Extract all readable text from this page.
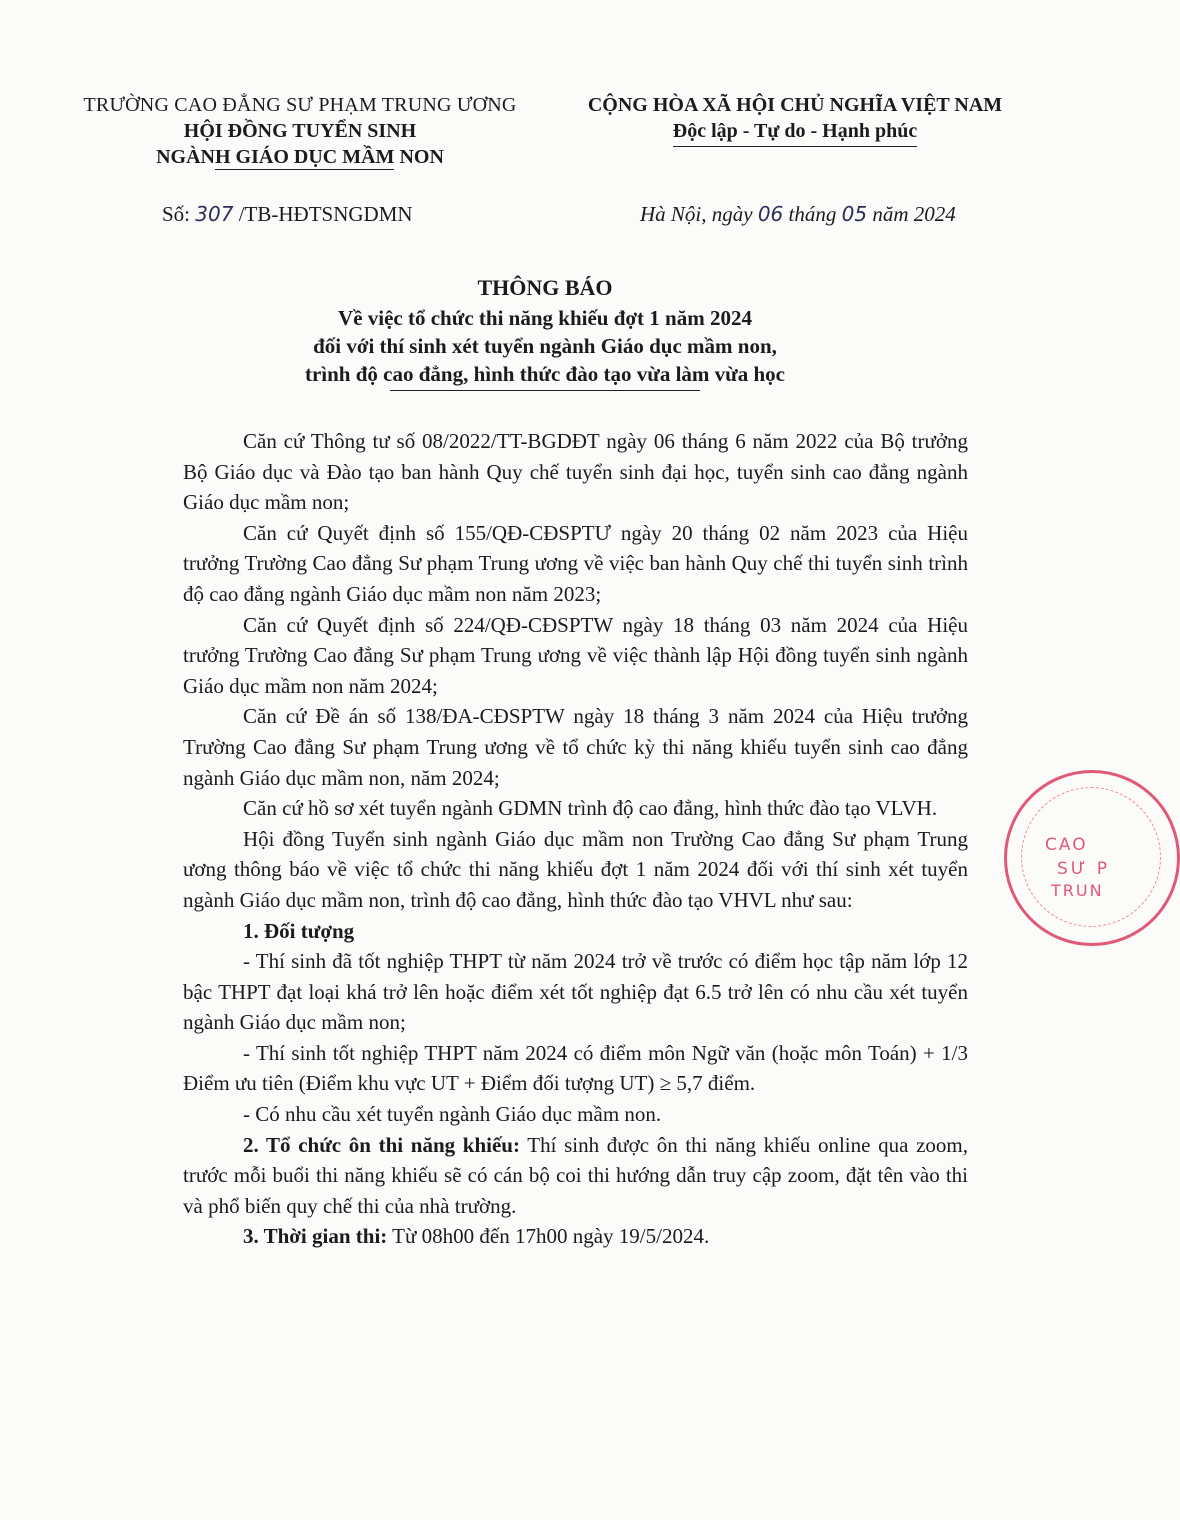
TRƯỜNG CAO ĐẲNG SƯ PHẠM TRUNG ƯƠNG
HỘI ĐỒNG TUYỂN SINH
NGÀNH GIÁO DỤC MẦM NON
CỘNG HÒA XÃ HỘI CHỦ NGHĨA VIỆT NAM
Độc lập - Tự do - Hạnh phúc
Số: 307 /TB-HĐTSNGDMN	Hà Nội, ngày 06 tháng 05 năm 2024
THÔNG BÁO
Về việc tổ chức thi năng khiếu đợt 1 năm 2024
đối với thí sinh xét tuyển ngành Giáo dục mầm non,
trình độ cao đẳng, hình thức đào tạo vừa làm vừa học

Căn cứ Thông tư số 08/2022/TT-BGDĐT ngày 06 tháng 6 năm 2022 của Bộ trưởng Bộ Giáo dục và Đào tạo ban hành Quy chế tuyển sinh đại học, tuyển sinh cao đẳng ngành Giáo dục mầm non;

Căn cứ Quyết định số 155/QĐ-CĐSPTƯ ngày 20 tháng 02 năm 2023 của Hiệu trưởng Trường Cao đẳng Sư phạm Trung ương về việc ban hành Quy chế thi tuyển sinh trình độ cao đẳng ngành Giáo dục mầm non năm 2023;

Căn cứ Quyết định số 224/QĐ-CĐSPTW ngày 18 tháng 03 năm 2024 của Hiệu trưởng Trường Cao đẳng Sư phạm Trung ương về việc thành lập Hội đồng tuyển sinh ngành Giáo dục mầm non năm 2024;

Căn cứ Đề án số 138/ĐA-CĐSPTW ngày 18 tháng 3 năm 2024 của Hiệu trưởng Trường Cao đẳng Sư phạm Trung ương về tổ chức kỳ thi năng khiếu tuyển sinh cao đẳng ngành Giáo dục mầm non, năm 2024;

Căn cứ hồ sơ xét tuyển ngành GDMN trình độ cao đẳng, hình thức đào tạo VLVH.

Hội đồng Tuyển sinh ngành Giáo dục mầm non Trường Cao đẳng Sư phạm Trung ương thông báo về việc tổ chức thi năng khiếu đợt 1 năm 2024 đối với thí sinh xét tuyển ngành Giáo dục mầm non, trình độ cao đẳng, hình thức đào tạo VHVL như sau:

1. Đối tượng

- Thí sinh đã tốt nghiệp THPT từ năm 2024 trở về trước có điểm học tập năm lớp 12 bậc THPT đạt loại khá trở lên hoặc điểm xét tốt nghiệp đạt 6.5 trở lên có nhu cầu xét tuyển ngành Giáo dục mầm non;

- Thí sinh tốt nghiệp THPT năm 2024 có điểm môn Ngữ văn (hoặc môn Toán) + 1/3 Điểm ưu tiên (Điểm khu vực UT + Điểm đối tượng UT) ≥ 5,7 điểm.

- Có nhu cầu xét tuyển ngành Giáo dục mầm non.

2. Tổ chức ôn thi năng khiếu: Thí sinh được ôn thi năng khiếu online qua zoom, trước mỗi buổi thi năng khiếu sẽ có cán bộ coi thi hướng dẫn truy cập zoom, đặt tên vào thi và phổ biến quy chế thi của nhà trường.

3. Thời gian thi: Từ 08h00 đến 17h00 ngày 19/5/2024.

CAO
SƯ P
TRUN
